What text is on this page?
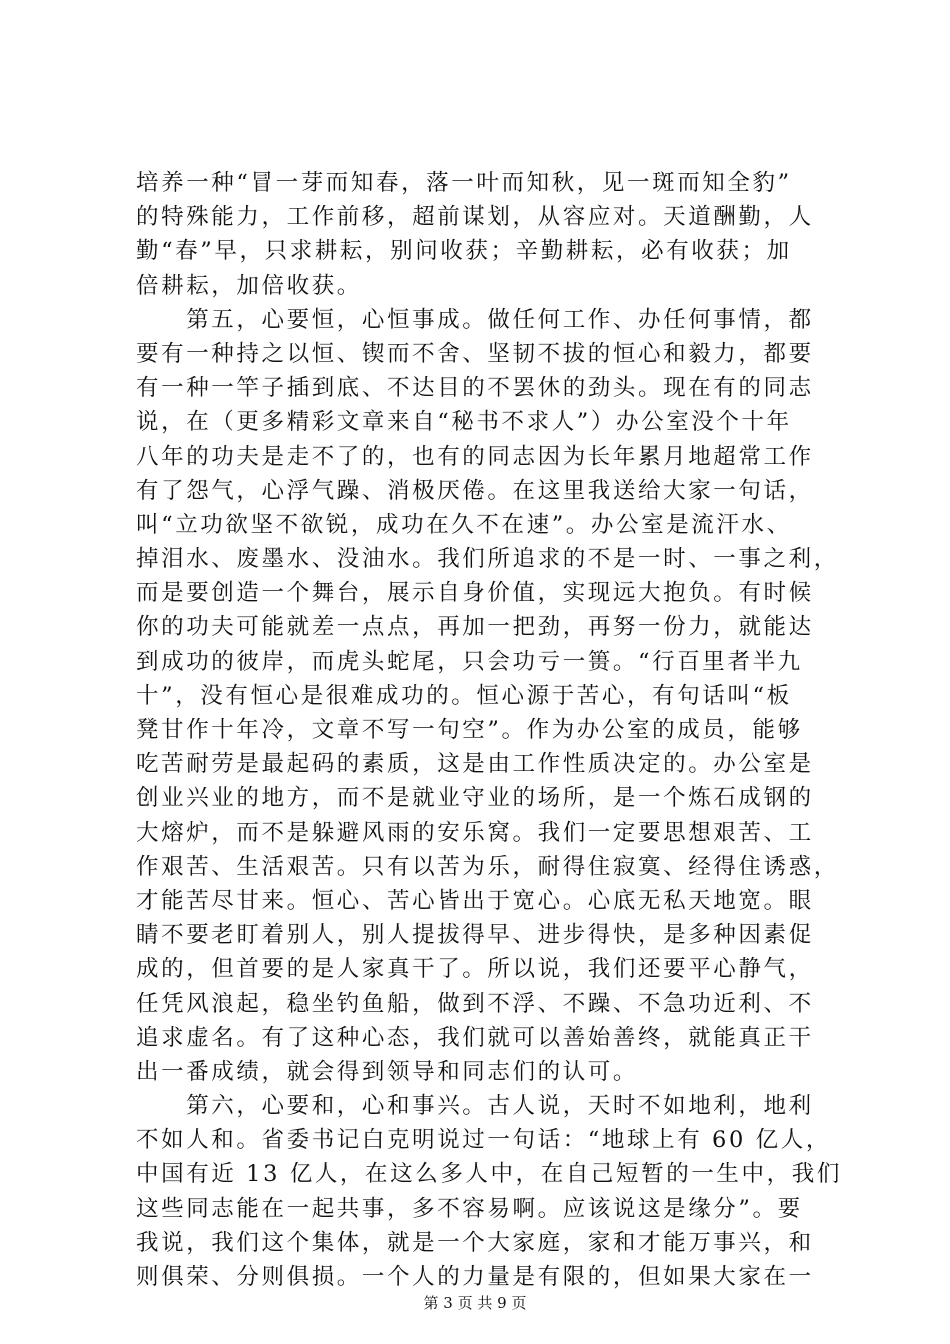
培养一种“冒一芽而知春，落一叶而知秋，见一斑而知全豹”
的特殊能力，工作前移，超前谋划，从容应对。天道酬勤，人
勤“春”早，只求耕耘，别问收获；辛勤耕耘，必有收获；加
倍耕耘，加倍收获。
　　第五，心要恒，心恒事成。做任何工作、办任何事情，都
要有一种持之以恒、锲而不舍、坚韧不拔的恒心和毅力，都要
有一种一竿子插到底、不达目的不罢休的劲头。现在有的同志
说，在（更多精彩文章来自“秘书不求人”）办公室没个十年
八年的功夫是走不了的，也有的同志因为长年累月地超常工作
有了怨气，心浮气躁、消极厌倦。在这里我送给大家一句话，
叫“立功欲坚不欲锐，成功在久不在速”。办公室是流汗水、
掉泪水、废墨水、没油水。我们所追求的不是一时、一事之利，
而是要创造一个舞台，展示自身价值，实现远大抱负。有时候
你的功夫可能就差一点点，再加一把劲，再努一份力，就能达
到成功的彼岸，而虎头蛇尾，只会功亏一篑。“行百里者半九
十”，没有恒心是很难成功的。恒心源于苦心，有句话叫“板
凳甘作十年冷，文章不写一句空”。作为办公室的成员，能够
吃苦耐劳是最起码的素质，这是由工作性质决定的。办公室是
创业兴业的地方，而不是就业守业的场所，是一个炼石成钢的
大熔炉，而不是躲避风雨的安乐窝。我们一定要思想艰苦、工
作艰苦、生活艰苦。只有以苦为乐，耐得住寂寞、经得住诱惑，
才能苦尽甘来。恒心、苦心皆出于宽心。心底无私天地宽。眼
睛不要老盯着别人，别人提拔得早、进步得快，是多种因素促
成的，但首要的是人家真干了。所以说，我们还要平心静气，
任凭风浪起，稳坐钓鱼船，做到不浮、不躁、不急功近利、不
追求虚名。有了这种心态，我们就可以善始善终，就能真正干
出一番成绩，就会得到领导和同志们的认可。
　　第六，心要和，心和事兴。古人说，天时不如地利，地利
不如人和。省委书记白克明说过一句话：“地球上有 60 亿人，
中国有近 13 亿人，在这么多人中，在自己短暂的一生中，我们
这些同志能在一起共事，多不容易啊。应该说这是缘分”。要
我说，我们这个集体，就是一个大家庭，家和才能万事兴，和
则俱荣、分则俱损。一个人的力量是有限的，但如果大家在一
第 3 页 共 9 页
